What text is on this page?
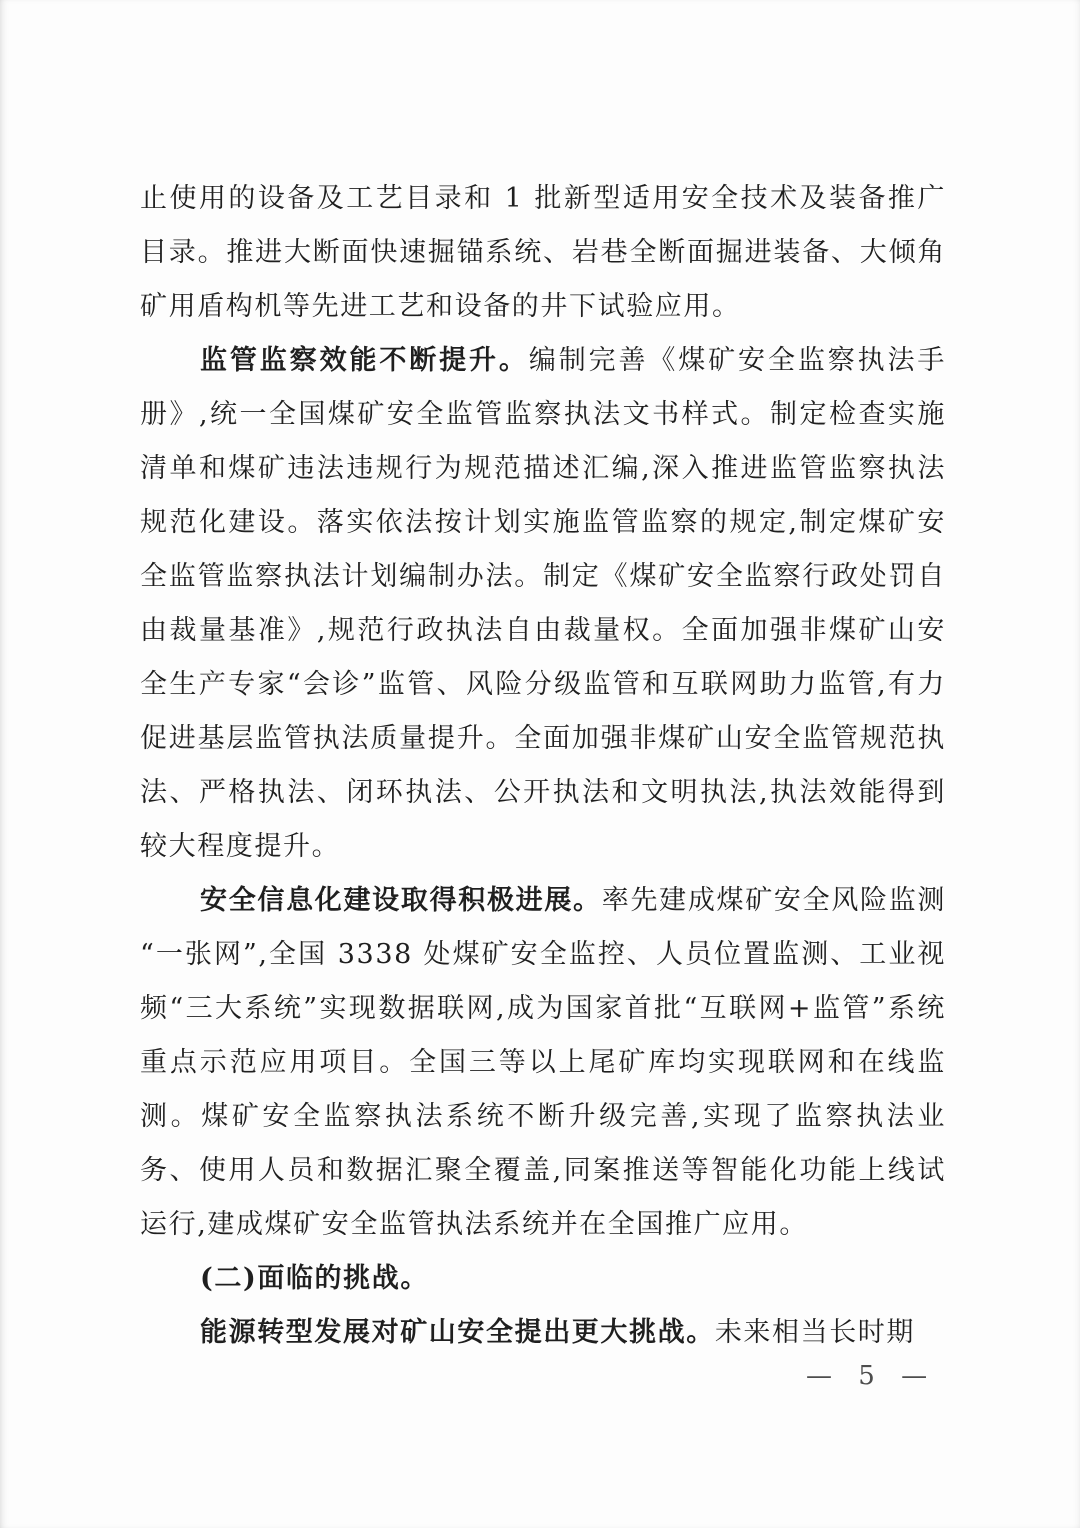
止使用的设备及工艺目录和 1 批新型适用安全技术及装备推广目录。推进大断面快速掘锚系统、岩巷全断面掘进装备、大倾角矿用盾构机等先进工艺和设备的井下试验应用。

监管监察效能不断提升。编制完善《煤矿安全监察执法手册》,统一全国煤矿安全监管监察执法文书样式。制定检查实施清单和煤矿违法违规行为规范描述汇编,深入推进监管监察执法规范化建设。落实依法按计划实施监管监察的规定,制定煤矿安全监管监察执法计划编制办法。制定《煤矿安全监察行政处罚自由裁量基准》,规范行政执法自由裁量权。全面加强非煤矿山安全生产专家“会诊”监管、风险分级监管和互联网助力监管,有力促进基层监管执法质量提升。全面加强非煤矿山安全监管规范执法、严格执法、闭环执法、公开执法和文明执法,执法效能得到较大程度提升。

安全信息化建设取得积极进展。率先建成煤矿安全风险监测“一张网”,全国 3338 处煤矿安全监控、人员位置监测、工业视频“三大系统”实现数据联网,成为国家首批“互联网+监管”系统重点示范应用项目。全国三等以上尾矿库均实现联网和在线监测。煤矿安全监察执法系统不断升级完善,实现了监察执法业务、使用人员和数据汇聚全覆盖,同案推送等智能化功能上线试运行,建成煤矿安全监管执法系统并在全国推广应用。

(二)面临的挑战。

能源转型发展对矿山安全提出更大挑战。未来相当长时期

— 5 —
